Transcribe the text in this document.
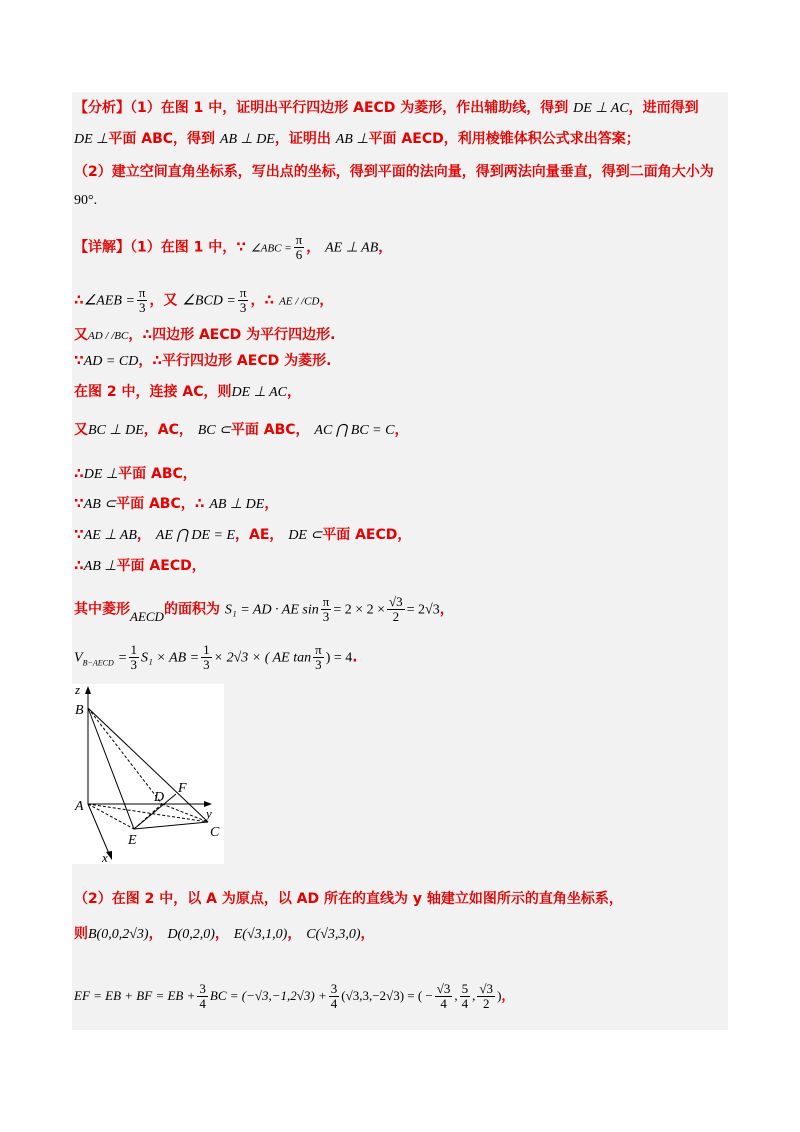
【分析】（1）在图 1 中，证明出平行四边形 AECD 为菱形，作出辅助线，得到 DE ⊥ AC，进而得到
DE ⊥平面 ABC，得到 AB ⊥ DE，证明出 AB ⊥平面 AECD，利用棱锥体积公式求出答案；
（2）建立空间直角坐标系，写出点的坐标，得到平面的法向量，得到两法向量垂直，得到二面角大小为
90°.
【详解】（1）在图 1 中，∵ ∠ABC = $\frac{\pi}{6}$ ， AE ⊥ AB，
∴∠AEB = $\frac{\pi}{3}$ ，又 ∠BCD = $\frac{\pi}{3}$ ，∴ AE / /CD，
又AD / /BC，∴四边形 AECD 为平行四边形.
∵AD = CD，∴平行四边形 AECD 为菱形.
在图 2 中，连接 AC，则DE ⊥ AC，
又BC ⊥ DE，AC， BC ⊂平面 ABC， AC ⋂ BC = C，
∴DE ⊥平面 ABC，
∵AB ⊂平面 ABC，∴ AB ⊥ DE，
∵AE ⊥ AB， AE ⋂ DE = E，AE， DE ⊂平面 AECD，
∴AB ⊥平面 AECD，
其中菱形AECD的面积为 S₁ = AD · AE $\sin \frac{\pi}{3} = 2 \times 2 \times \frac{√3}{2} = 2√3$，
$V_{B-AECD} = \frac{1}{3} S_1$ × AB = $\frac{1}{3} \times 2√3$ × ( AE $\tan \frac{\pi}{3}$ ) = 4.
z
B
F
D
A	y
E
C
x
（2）在图 2 中，以 A 为原点，以 AD 所在的直线为 y 轴建立如图所示的直角坐标系，
则B(0,0,2√3)， D(0,2,0)， E(√3,1,0)， C(√3,3,0)，
EF = EB + BF = EB + $\frac{3}{4}$ BC = $(-√3,-1,2√3) + \frac{3}{4} (√3,3,-2√3)$ = ( − $\frac{√3}{4}$ , $\frac{5}{4}$ , $\frac{√3}{2}$ )，
